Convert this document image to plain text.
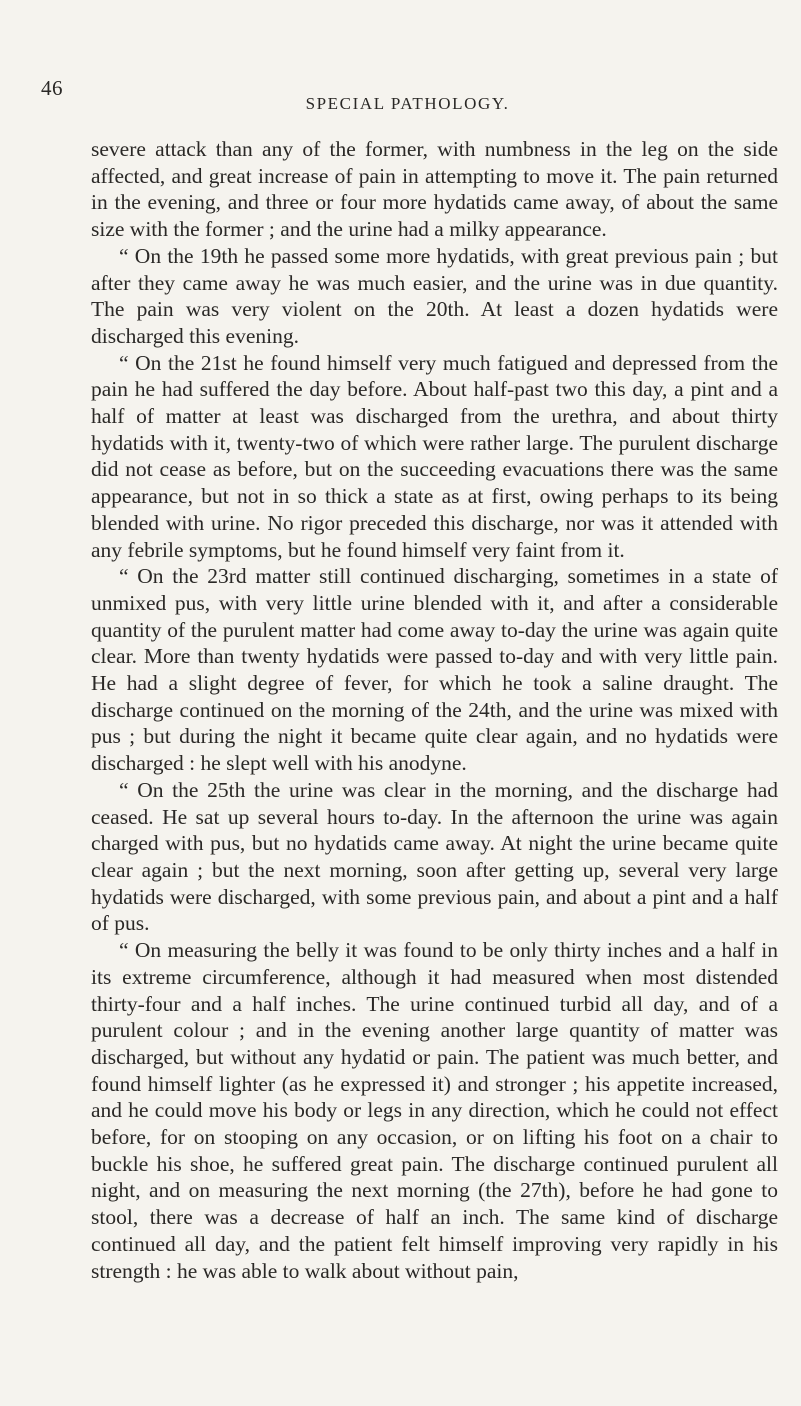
46
SPECIAL PATHOLOGY.

severe attack than any of the former, with numbness in the leg on the side affected, and great increase of pain in attempting to move it. The pain returned in the evening, and three or four more hydatids came away, of about the same size with the former ; and the urine had a milky appearance.

“ On the 19th he passed some more hydatids, with great previous pain ; but after they came away he was much easier, and the urine was in due quantity. The pain was very violent on the 20th. At least a dozen hydatids were discharged this evening.

“ On the 21st he found himself very much fatigued and depressed from the pain he had suffered the day before. About half-past two this day, a pint and a half of matter at least was discharged from the urethra, and about thirty hydatids with it, twenty-two of which were rather large. The purulent discharge did not cease as before, but on the succeeding evacuations there was the same appearance, but not in so thick a state as at first, owing perhaps to its being blended with urine. No rigor preceded this discharge, nor was it attended with any febrile symptoms, but he found himself very faint from it.

“ On the 23rd matter still continued discharging, sometimes in a state of unmixed pus, with very little urine blended with it, and after a considerable quantity of the purulent matter had come away to-day the urine was again quite clear. More than twenty hydatids were passed to-day and with very little pain. He had a slight degree of fever, for which he took a saline draught. The discharge continued on the morning of the 24th, and the urine was mixed with pus ; but during the night it became quite clear again, and no hydatids were discharged : he slept well with his anodyne.

“ On the 25th the urine was clear in the morning, and the discharge had ceased. He sat up several hours to-day. In the afternoon the urine was again charged with pus, but no hydatids came away. At night the urine became quite clear again ; but the next morning, soon after getting up, several very large hydatids were discharged, with some previous pain, and about a pint and a half of pus.

“ On measuring the belly it was found to be only thirty inches and a half in its extreme circumference, although it had measured when most distended thirty-four and a half inches. The urine continued turbid all day, and of a purulent colour ; and in the evening another large quantity of matter was discharged, but without any hydatid or pain. The patient was much better, and found himself lighter (as he expressed it) and stronger ; his appetite increased, and he could move his body or legs in any direction, which he could not effect before, for on stooping on any occasion, or on lifting his foot on a chair to buckle his shoe, he suffered great pain. The discharge continued purulent all night, and on measuring the next morning (the 27th), before he had gone to stool, there was a decrease of half an inch. The same kind of discharge continued all day, and the patient felt himself improving very rapidly in his strength : he was able to walk about without pain,
